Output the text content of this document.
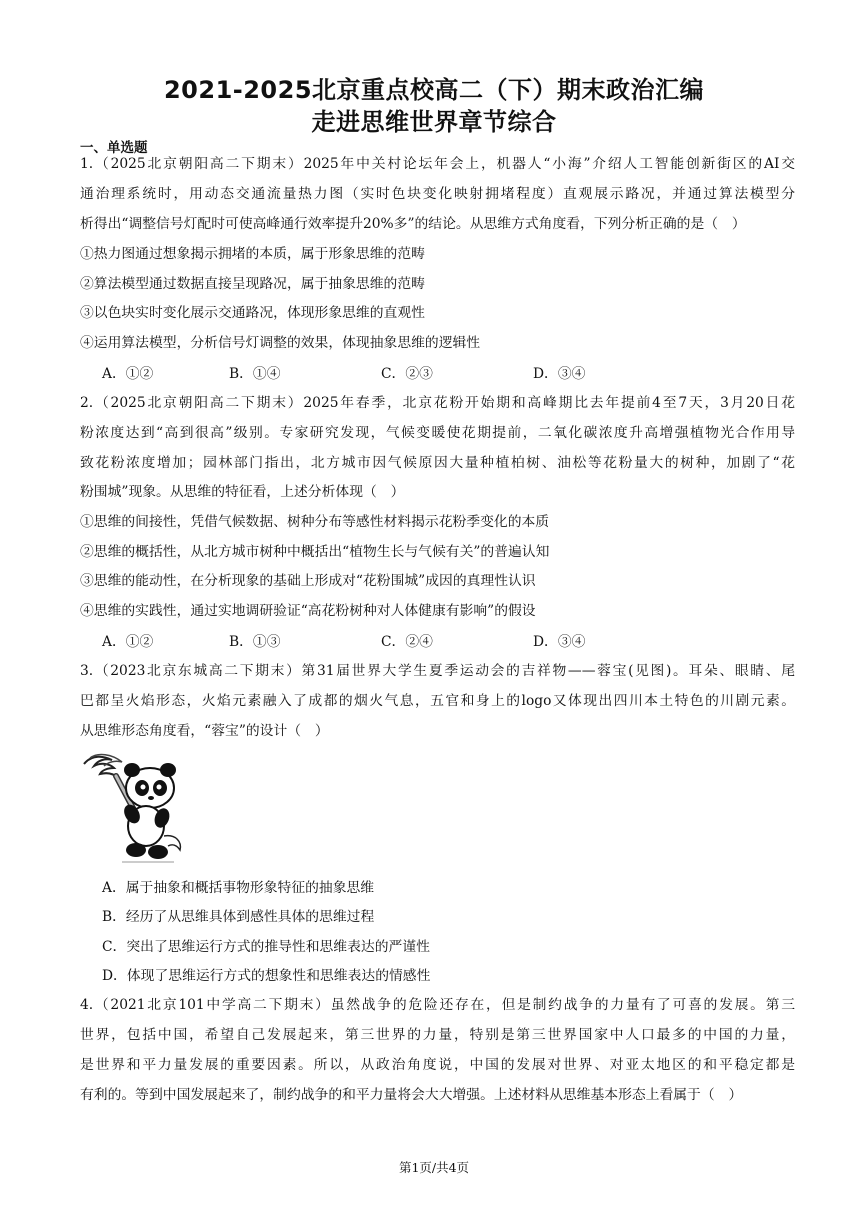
2021-2025北京重点校高二（下）期末政治汇编
走进思维世界章节综合
一、单选题
1.（2025北京朝阳高二下期末）2025年中关村论坛年会上，机器人“小海”介绍人工智能创新街区的AI交
通治理系统时，用动态交通流量热力图（实时色块变化映射拥堵程度）直观展示路况，并通过算法模型分
析得出“调整信号灯配时可使高峰通行效率提升20%多”的结论。从思维方式角度看，下列分析正确的是（　）
①热力图通过想象揭示拥堵的本质，属于形象思维的范畴
②算法模型通过数据直接呈现路况，属于抽象思维的范畴
③以色块实时变化展示交通路况，体现形象思维的直观性
④运用算法模型，分析信号灯调整的效果，体现抽象思维的逻辑性
A．①②	B．①④	C．②③	D．③④
2.（2025北京朝阳高二下期末）2025年春季，北京花粉开始期和高峰期比去年提前4至7天，3月20日花
粉浓度达到“高到很高”级别。专家研究发现，气候变暖使花期提前，二氧化碳浓度升高增强植物光合作用导
致花粉浓度增加；园林部门指出，北方城市因气候原因大量种植柏树、油松等花粉量大的树种，加剧了“花
粉围城”现象。从思维的特征看，上述分析体现（　）
①思维的间接性，凭借气候数据、树种分布等感性材料揭示花粉季变化的本质
②思维的概括性，从北方城市树种中概括出“植物生长与气候有关”的普遍认知
③思维的能动性，在分析现象的基础上形成对“花粉围城”成因的真理性认识
④思维的实践性，通过实地调研验证“高花粉树种对人体健康有影响”的假设
A．①②	B．①③	C．②④	D．③④
3.（2023北京东城高二下期末）第31届世界大学生夏季运动会的吉祥物——蓉宝(见图)。耳朵、眼睛、尾
巴都呈火焰形态，火焰元素融入了成都的烟火气息，五官和身上的logo又体现出四川本土特色的川剧元素。
从思维形态角度看，“蓉宝”的设计（　）
A．属于抽象和概括事物形象特征的抽象思维
B．经历了从思维具体到感性具体的思维过程
C．突出了思维运行方式的推导性和思维表达的严谨性
D．体现了思维运行方式的想象性和思维表达的情感性
4.（2021北京101中学高二下期末）虽然战争的危险还存在，但是制约战争的力量有了可喜的发展。第三
世界，包括中国，希望自己发展起来，第三世界的力量，特别是第三世界国家中人口最多的中国的力量，
是世界和平力量发展的重要因素。所以，从政治角度说，中国的发展对世界、对亚太地区的和平稳定都是
有利的。等到中国发展起来了，制约战争的和平力量将会大大增强。上述材料从思维基本形态上看属于（　）
第1页/共4页
